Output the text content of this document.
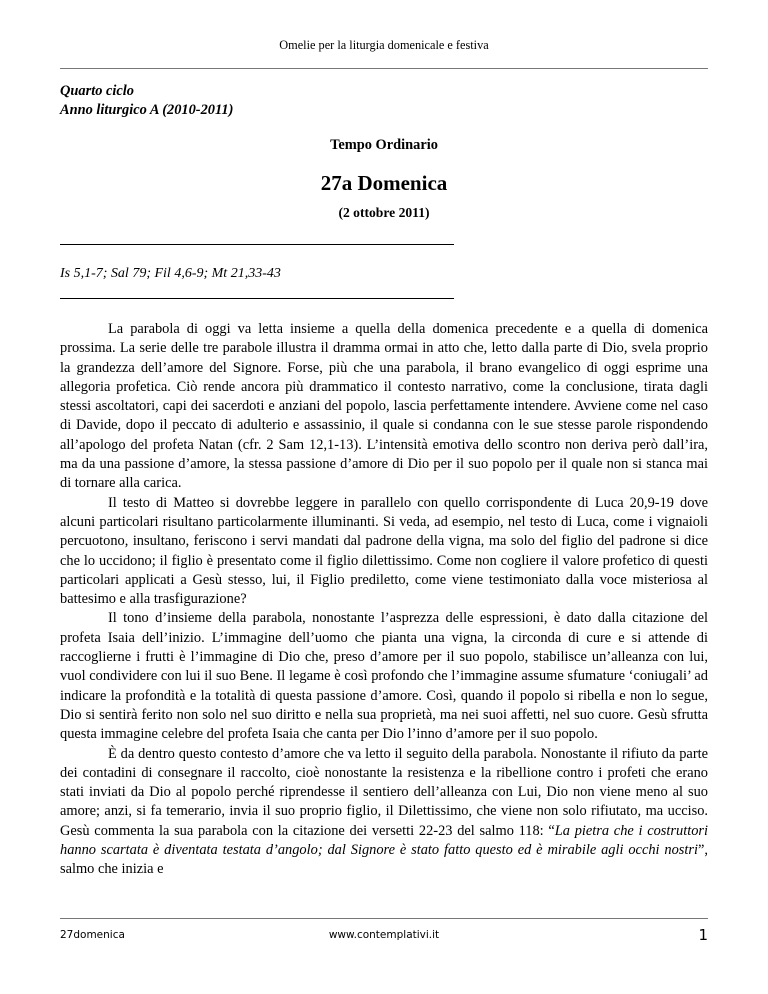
Omelie per la liturgia domenicale e festiva
Quarto ciclo
Anno liturgico A (2010-2011)
Tempo Ordinario
27a Domenica
(2 ottobre 2011)
Is 5,1-7; Sal 79; Fil 4,6-9; Mt 21,33-43

La parabola di oggi va letta insieme a quella della domenica precedente e a quella di domenica prossima. La serie delle tre parabole illustra il dramma ormai in atto che, letto dalla parte di Dio, svela proprio la grandezza dell’amore del Signore. Forse, più che una parabola, il brano evangelico di oggi esprime una allegoria profetica. Ciò rende ancora più drammatico il contesto narrativo, come la conclusione, tirata dagli stessi ascoltatori, capi dei sacerdoti e anziani del popolo, lascia perfettamente intendere. Avviene come nel caso di Davide, dopo il peccato di adulterio e assassinio, il quale si condanna con le sue stesse parole rispondendo all’apologo del profeta Natan (cfr. 2 Sam 12,1-13). L’intensità emotiva dello scontro non deriva però dall’ira, ma da una passione d’amore, la stessa passione d’amore di Dio per il suo popolo per il quale non si stanca mai di tornare alla carica.

Il testo di Matteo si dovrebbe leggere in parallelo con quello corrispondente di Luca 20,9-19 dove alcuni particolari risultano particolarmente illuminanti. Si veda, ad esempio, nel testo di Luca, come i vignaioli percuotono, insultano, feriscono i servi mandati dal padrone della vigna, ma solo del figlio del padrone si dice che lo uccidono; il figlio è presentato come il figlio dilettissimo. Come non cogliere il valore profetico di questi particolari applicati a Gesù stesso, lui, il Figlio prediletto, come viene testimoniato dalla voce misteriosa al battesimo e alla trasfigurazione?

Il tono d’insieme della parabola, nonostante l’asprezza delle espressioni, è dato dalla citazione del profeta Isaia dell’inizio. L’immagine dell’uomo che pianta una vigna, la circonda di cure e si attende di raccoglierne i frutti è l’immagine di Dio che, preso d’amore per il suo popolo, stabilisce un’alleanza con lui, vuol condividere con lui il suo Bene. Il legame è così profondo che l’immagine assume sfumature ‘coniugali’ ad indicare la profondità e la totalità di questa passione d’amore. Così, quando il popolo si ribella e non lo segue, Dio si sentirà ferito non solo nel suo diritto e nella sua proprietà, ma nei suoi affetti, nel suo cuore. Gesù sfrutta questa immagine celebre del profeta Isaia che canta per Dio l’inno d’amore per il suo popolo.

È da dentro questo contesto d’amore che va letto il seguito della parabola. Nonostante il rifiuto da parte dei contadini di consegnare il raccolto, cioè nonostante la resistenza e la ribellione contro i profeti che erano stati inviati da Dio al popolo perché riprendesse il sentiero dell’alleanza con Lui, Dio non viene meno al suo amore; anzi, si fa temerario, invia il suo proprio figlio, il Dilettissimo, che viene non solo rifiutato, ma ucciso. Gesù commenta la sua parabola con la citazione dei versetti 22-23 del salmo 118: “La pietra che i costruttori hanno scartata è diventata testata d’angolo; dal Signore è stato fatto questo ed è mirabile agli occhi nostri”, salmo che inizia e

27domenica	www.contemplativi.it	1
